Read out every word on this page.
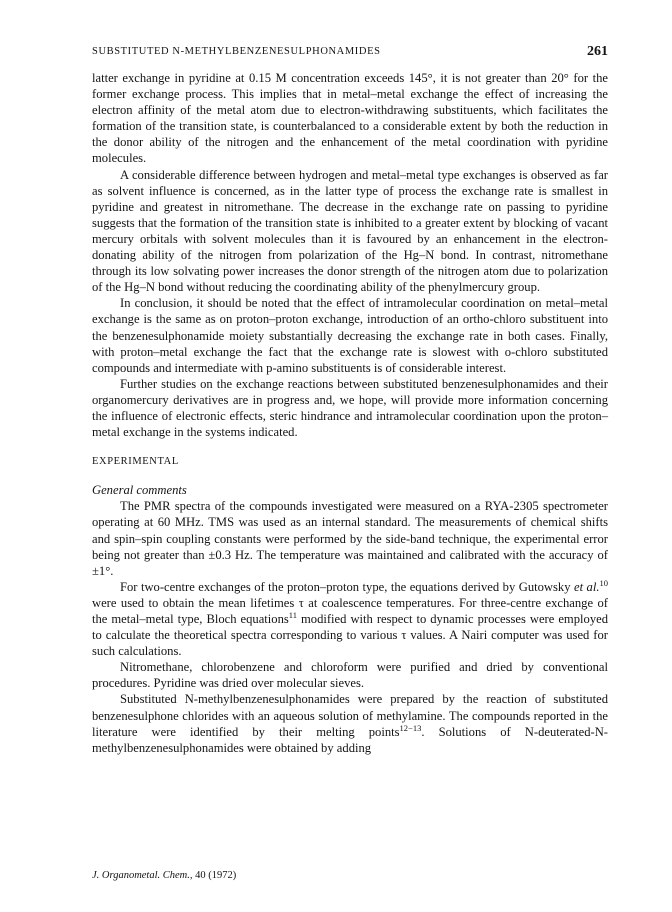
SUBSTITUTED N-METHYLBENZENESULPHONAMIDES	261

latter exchange in pyridine at 0.15 M concentration exceeds 145°, it is not greater than 20° for the former exchange process. This implies that in metal–metal exchange the effect of increasing the electron affinity of the metal atom due to electron-withdrawing substituents, which facilitates the formation of the transition state, is counterbalanced to a considerable extent by both the reduction in the donor ability of the nitrogen and the enhancement of the metal coordination with pyridine molecules.

A considerable difference between hydrogen and metal–metal type exchanges is observed as far as solvent influence is concerned, as in the latter type of process the exchange rate is smallest in pyridine and greatest in nitromethane. The decrease in the exchange rate on passing to pyridine suggests that the formation of the transition state is inhibited to a greater extent by blocking of vacant mercury orbitals with solvent molecules than it is favoured by an enhancement in the electron-donating ability of the nitrogen from polarization of the Hg–N bond. In contrast, nitromethane through its low solvating power increases the donor strength of the nitrogen atom due to polarization of the Hg–N bond without reducing the coordinating ability of the phenylmercury group.

In conclusion, it should be noted that the effect of intramolecular coordination on metal–metal exchange is the same as on proton–proton exchange, introduction of an ortho-chloro substituent into the benzenesulphonamide moiety substantially decreasing the exchange rate in both cases. Finally, with proton–metal exchange the fact that the exchange rate is slowest with o-chloro substituted compounds and intermediate with p-amino substituents is of considerable interest.

Further studies on the exchange reactions between substituted benzenesulphonamides and their organomercury derivatives are in progress and, we hope, will provide more information concerning the influence of electronic effects, steric hindrance and intramolecular coordination upon the proton–metal exchange in the systems indicated.

EXPERIMENTAL

General comments

The PMR spectra of the compounds investigated were measured on a RYA-2305 spectrometer operating at 60 MHz. TMS was used as an internal standard. The measurements of chemical shifts and spin–spin coupling constants were performed by the side-band technique, the experimental error being not greater than ±0.3 Hz. The temperature was maintained and calibrated with the accuracy of ±1°.

For two-centre exchanges of the proton–proton type, the equations derived by Gutowsky et al.$^{10}$ were used to obtain the mean lifetimes τ at coalescence temperatures. For three-centre exchange of the metal–metal type, Bloch equations$^{11}$ modified with respect to dynamic processes were employed to calculate the theoretical spectra corresponding to various τ values. A Nairi computer was used for such calculations.

Nitromethane, chlorobenzene and chloroform were purified and dried by conventional procedures. Pyridine was dried over molecular sieves.

Substituted N-methylbenzenesulphonamides were prepared by the reaction of substituted benzenesulphone chlorides with an aqueous solution of methylamine. The compounds reported in the literature were identified by their melting points$^{12-13}$. Solutions of N-deuterated-N-methylbenzenesulphonamides were obtained by adding

J. Organometal. Chem., 40 (1972)
